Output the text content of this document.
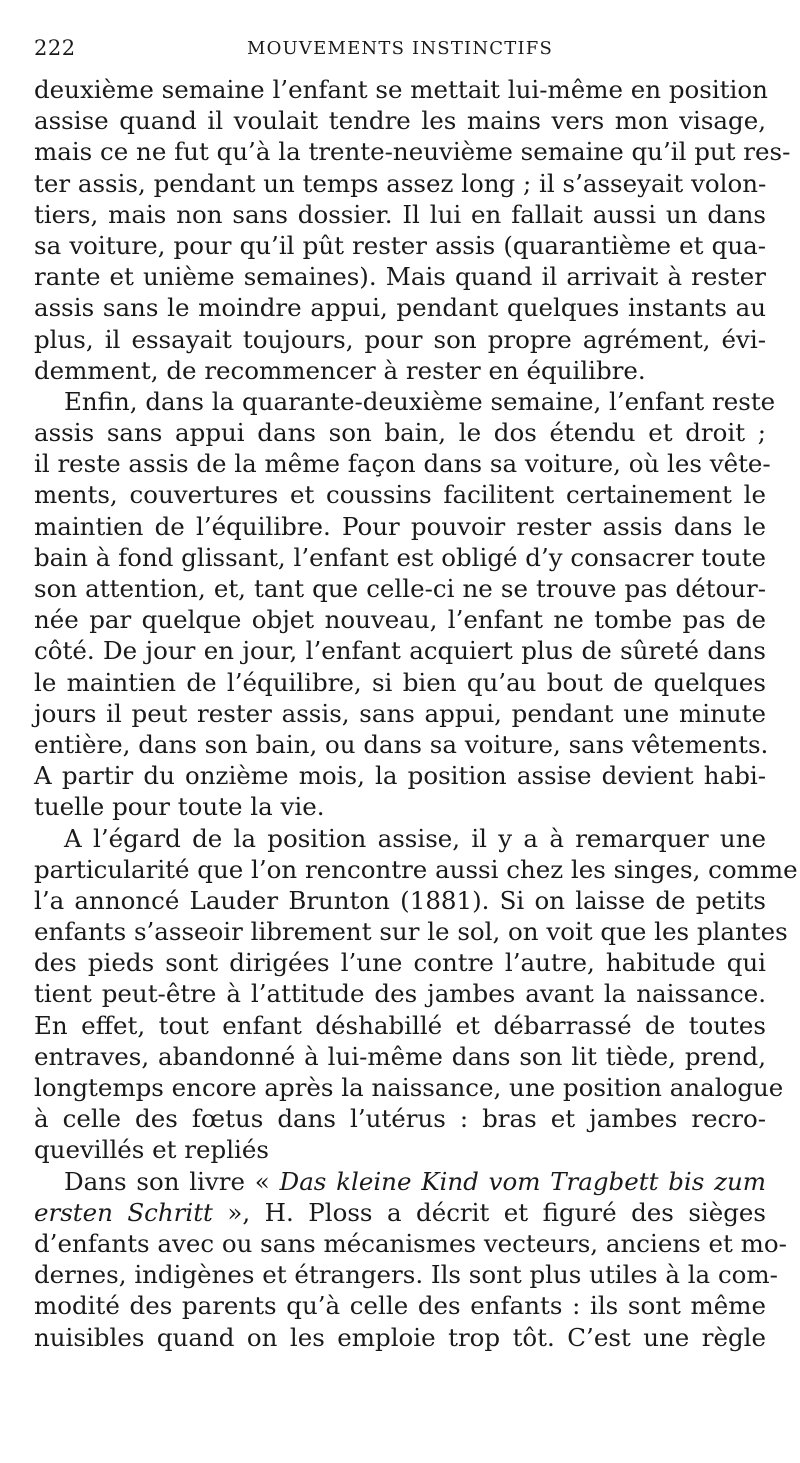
222	MOUVEMENTS INSTINCTIFS
deuxième semaine l’enfant se mettait lui-même en position
assise quand il voulait tendre les mains vers mon visage,
mais ce ne fut qu’à la trente-neuvième semaine qu’il put res-
ter assis, pendant un temps assez long ; il s’asseyait volon-
tiers, mais non sans dossier. Il lui en fallait aussi un dans
sa voiture, pour qu’il pût rester assis (quarantième et qua-
rante et unième semaines). Mais quand il arrivait à rester
assis sans le moindre appui, pendant quelques instants au
plus, il essayait toujours, pour son propre agrément, évi-
demment, de recommencer à rester en équilibre.
Enfin, dans la quarante-deuxième semaine, l’enfant reste
assis sans appui dans son bain, le dos étendu et droit ;
il reste assis de la même façon dans sa voiture, où les vête-
ments, couvertures et coussins facilitent certainement le
maintien de l’équilibre. Pour pouvoir rester assis dans le
bain à fond glissant, l’enfant est obligé d’y consacrer toute
son attention, et, tant que celle-ci ne se trouve pas détour-
née par quelque objet nouveau, l’enfant ne tombe pas de
côté. De jour en jour, l’enfant acquiert plus de sûreté dans
le maintien de l’équilibre, si bien qu’au bout de quelques
jours il peut rester assis, sans appui, pendant une minute
entière, dans son bain, ou dans sa voiture, sans vêtements.
A partir du onzième mois, la position assise devient habi-
tuelle pour toute la vie.
A l’égard de la position assise, il y a à remarquer une
particularité que l’on rencontre aussi chez les singes, comme
l’a annoncé Lauder Brunton (1881). Si on laisse de petits
enfants s’asseoir librement sur le sol, on voit que les plantes
des pieds sont dirigées l’une contre l’autre, habitude qui
tient peut-être à l’attitude des jambes avant la naissance.
En effet, tout enfant déshabillé et débarrassé de toutes
entraves, abandonné à lui-même dans son lit tiède, prend,
longtemps encore après la naissance, une position analogue
à celle des fœtus dans l’utérus : bras et jambes recro-
quevillés et repliés
Dans son livre « Das kleine Kind vom Tragbett bis zum
ersten Schritt », H. Ploss a décrit et figuré des sièges
d’enfants avec ou sans mécanismes vecteurs, anciens et mo-
dernes, indigènes et étrangers. Ils sont plus utiles à la com-
modité des parents qu’à celle des enfants : ils sont même
nuisibles quand on les emploie trop tôt. C’est une règle
